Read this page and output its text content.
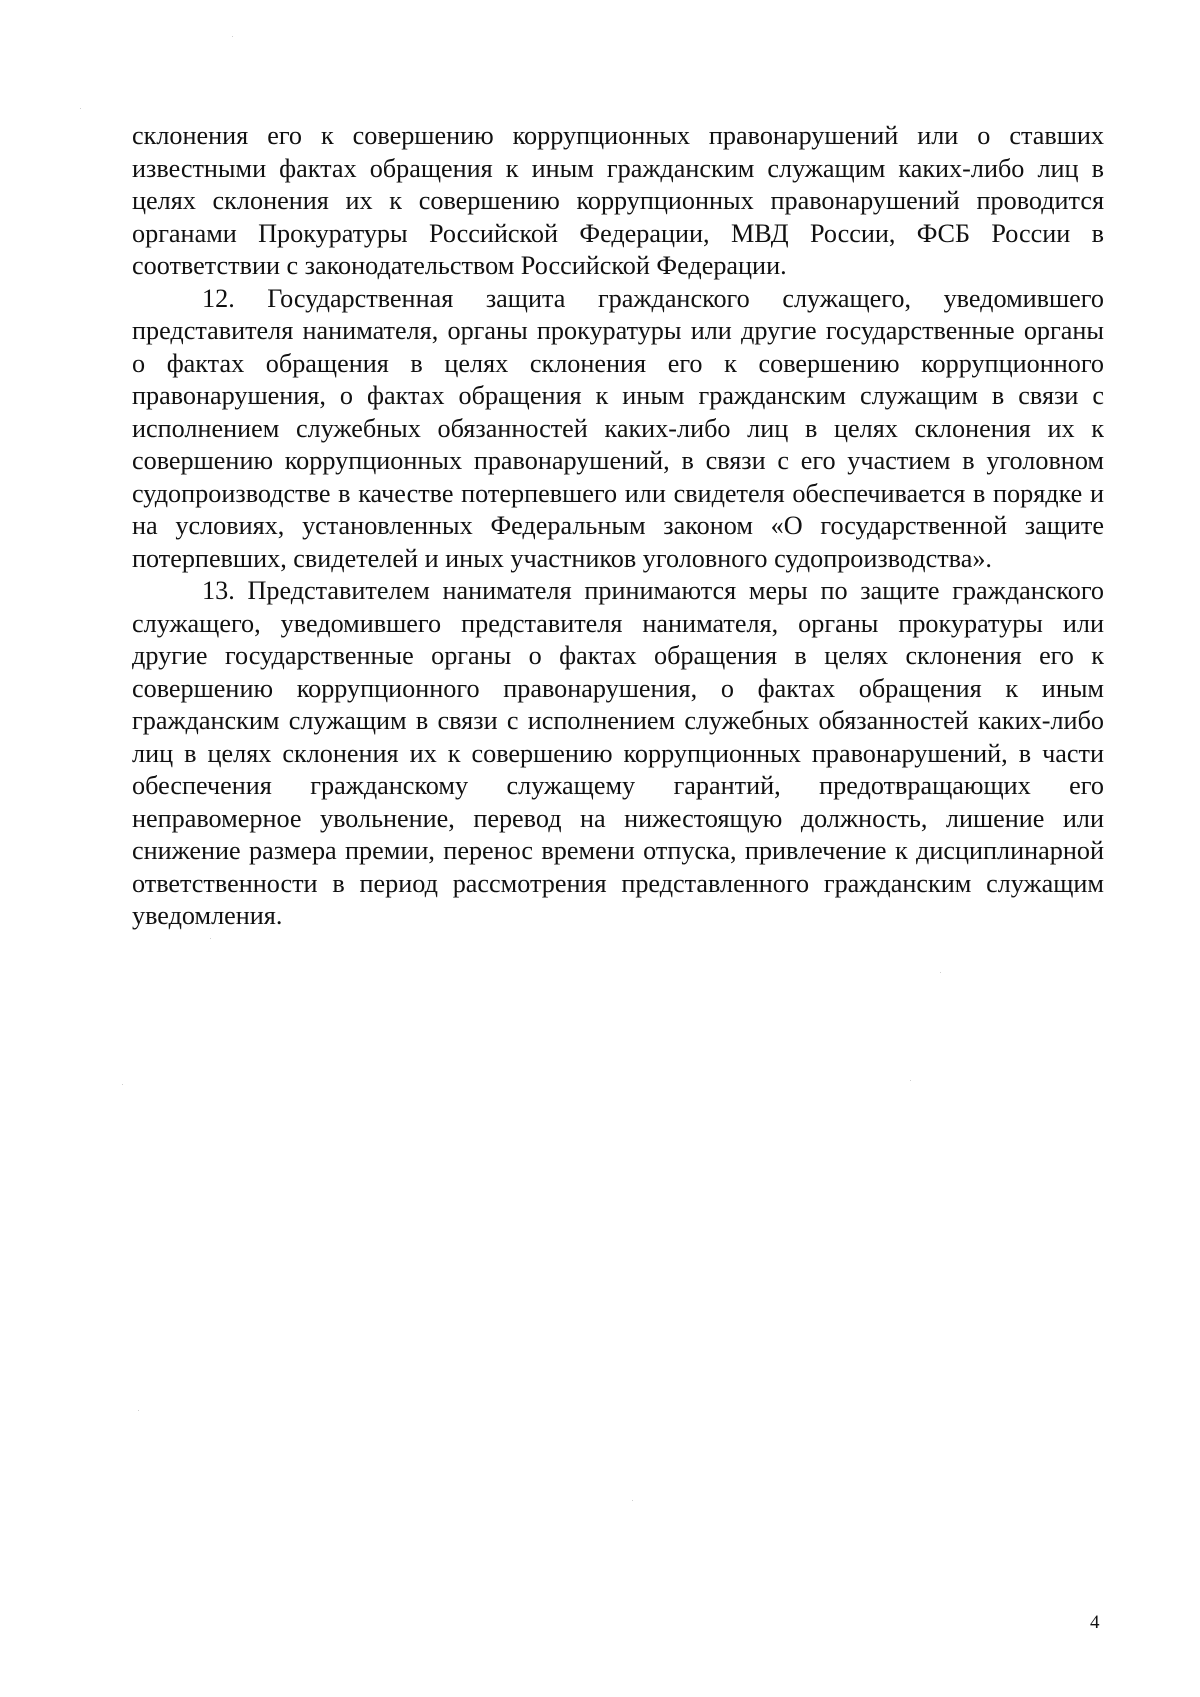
склонения его к совершению коррупционных правонарушений или о ставших известными фактах обращения к иным гражданским служащим каких-либо лиц в целях склонения их к совершению коррупционных правонарушений проводится органами Прокуратуры Российской Федерации, МВД России, ФСБ России в соответствии с законодательством Российской Федерации.

12. Государственная защита гражданского служащего, уведомившего представителя нанимателя, органы прокуратуры или другие государственные органы о фактах обращения в целях склонения его к совершению коррупционного правонарушения, о фактах обращения к иным гражданским служащим в связи с исполнением служебных обязанностей каких-либо лиц в целях склонения их к совершению коррупционных правонарушений, в связи с его участием в уголовном судопроизводстве в качестве потерпевшего или свидетеля обеспечивается в порядке и на условиях, установленных Федеральным законом «О государственной защите потерпевших, свидетелей и иных участников уголовного судопроизводства».

13. Представителем нанимателя принимаются меры по защите гражданского служащего, уведомившего представителя нанимателя, органы прокуратуры или другие государственные органы о фактах обращения в целях склонения его к совершению коррупционного правонарушения, о фактах обращения к иным гражданским служащим в связи с исполнением служебных обязанностей каких-либо лиц в целях склонения их к совершению коррупционных правонарушений, в части обеспечения гражданскому служащему гарантий, предотвращающих его неправомерное увольнение, перевод на нижестоящую должность, лишение или снижение размера премии, перенос времени отпуска, привлечение к дисциплинарной ответственности в период рассмотрения представленного гражданским служащим уведомления.

4
